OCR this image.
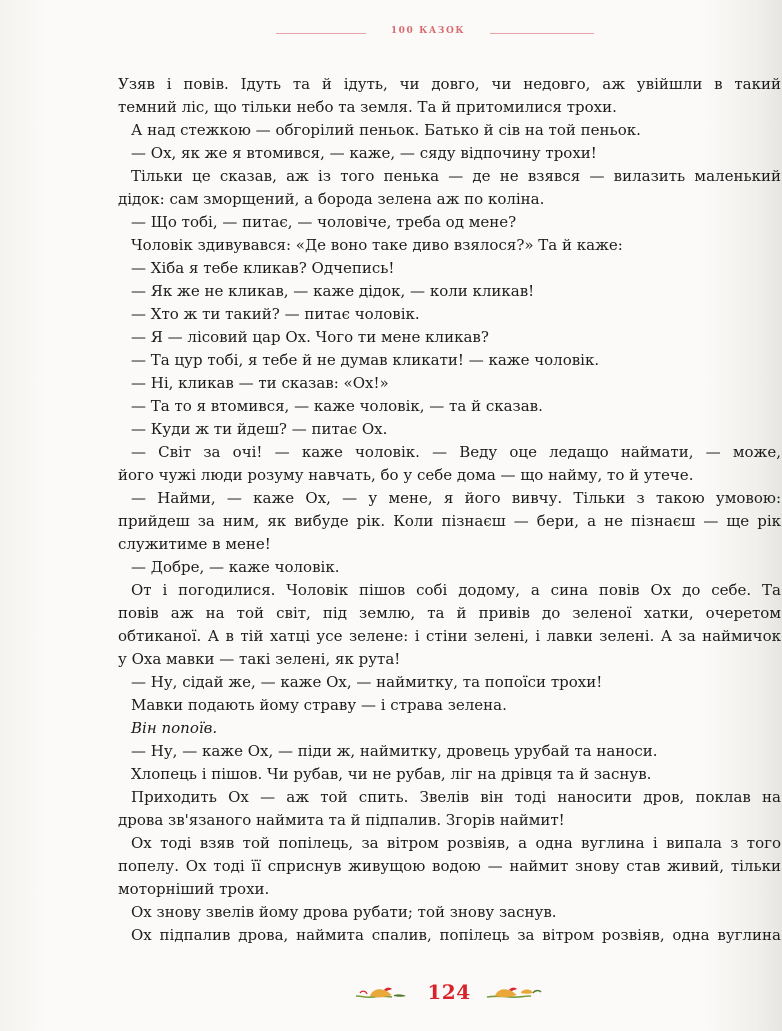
100 КАЗОК
Узяв і повів. Ідуть та й ідуть, чи довго, чи недовго, аж увійшли в такий
темний ліс, що тільки небо та земля. Та й притомилися трохи.
А над стежкою — обгорілий пеньок. Батько й сів на той пеньок.
— Ох, як же я втомився, — каже, — сяду відпочину трохи!
Тільки це сказав, аж із того пенька — де не взявся — вилазить маленький
дідок: сам зморщений, а борода зелена аж по коліна.
— Що тобі, — питає, — чоловіче, треба од мене?
Чоловік здивувався: «Де воно таке диво взялося?» Та й каже:
— Хіба я тебе кликав? Одчепись!
— Як же не кликав, — каже дідок, — коли кликав!
— Хто ж ти такий? — питає чоловік.
— Я — лісовий цар Ох. Чого ти мене кликав?
— Та цур тобі, я тебе й не думав кликати! — каже чоловік.
— Ні, кликав — ти сказав: «Ох!»
— Та то я втомився, — каже чоловік, — та й сказав.
— Куди ж ти йдеш? — питає Ох.
— Світ за очі! — каже чоловік. — Веду оце ледащо наймати, — може,
його чужі люди розуму навчать, бо у себе дома — що найму, то й утече.
— Найми, — каже Ох, — у мене, я його вивчу. Тільки з такою умовою:
прийдеш за ним, як вибуде рік. Коли пізнаєш — бери, а не пізнаєш — ще рік
служитиме в мене!
— Добре, — каже чоловік.
От і погодилися. Чоловік пішов собі додому, а сина повів Ох до себе. Та
повів аж на той світ, під землю, та й привів до зеленої хатки, очеретом
обтиканої. А в тій хатці усе зелене: і стіни зелені, і лавки зелені. А за наймичок
у Оха мавки — такі зелені, як рута!
— Ну, сідай же, — каже Ох, — наймитку, та попоїси трохи!
Мавки подають йому страву — і страва зелена.
Він попоїв.
— Ну, — каже Ох, — піди ж, наймитку, дровець урубай та наноси.
Хлопець і пішов. Чи рубав, чи не рубав, ліг на дрівця та й заснув.
Приходить Ох — аж той спить. Звелів він тоді наносити дров, поклав на
дрова зв'язаного наймита та й підпалив. Згорів наймит!
Ох тоді взяв той попілець, за вітром розвіяв, а одна вуглина і випала з того
попелу. Ох тоді її сприснув живущою водою — наймит знову став живий, тільки
моторніший трохи.
Ох знову звелів йому дрова рубати; той знову заснув.
Ох підпалив дрова, наймита спалив, попілець за вітром розвіяв, одна вуглина
124
